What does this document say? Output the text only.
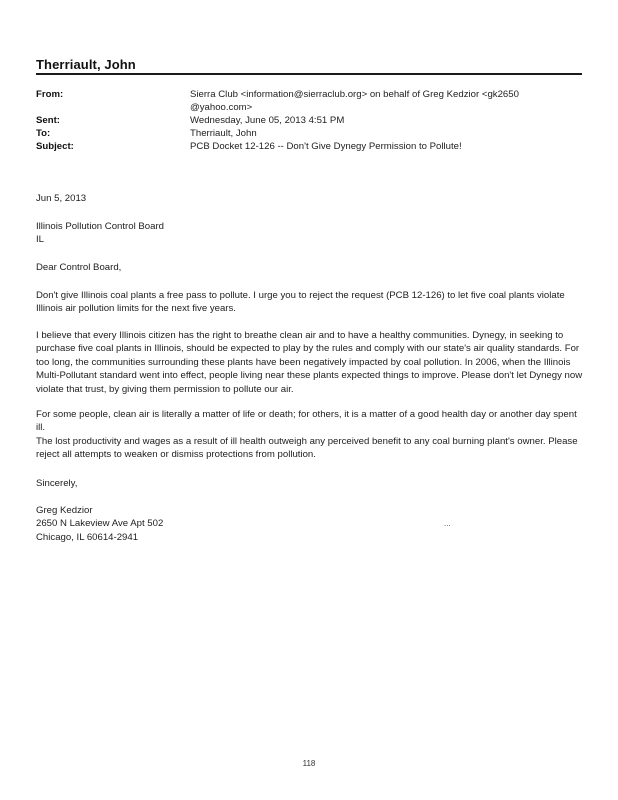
Therriault, John
From:	Sierra Club <information@sierraclub.org> on behalf of Greg Kedzior <gk2650
@yahoo.com>
Sent:	Wednesday, June 05, 2013 4:51 PM
To:	Therriault, John
Subject:	PCB Docket 12-126 -- Don't Give Dynegy Permission to Pollute!
Jun 5, 2013
Illinois Pollution Control Board
IL
Dear Control Board,
Don't give Illinois coal plants a free pass to pollute. I urge you to reject the request (PCB 12-126) to let five coal plants violate Illinois air pollution limits for the next five years.
I believe that every Illinois citizen has the right to breathe clean air and to have a healthy communities. Dynegy, in seeking to purchase five coal plants in Illinois, should be expected to play by the rules and comply with our state's air quality standards. For too long, the communities surrounding these plants have been negatively impacted by coal pollution. In 2006, when the Illinois Multi-Pollutant standard went into effect, people living near these plants expected things to improve. Please don't let Dynegy now violate that trust, by giving them permission to pollute our air.
For some people, clean air is literally a matter of life or death; for others, it is a matter of a good health day or another day spent ill.
The lost productivity and wages as a result of ill health outweigh any perceived benefit to any coal burning plant's owner. Please reject all attempts to weaken or dismiss protections from pollution.
Sincerely,
Greg Kedzior
2650 N Lakeview Ave Apt 502
Chicago, IL 60614-2941
...
118
